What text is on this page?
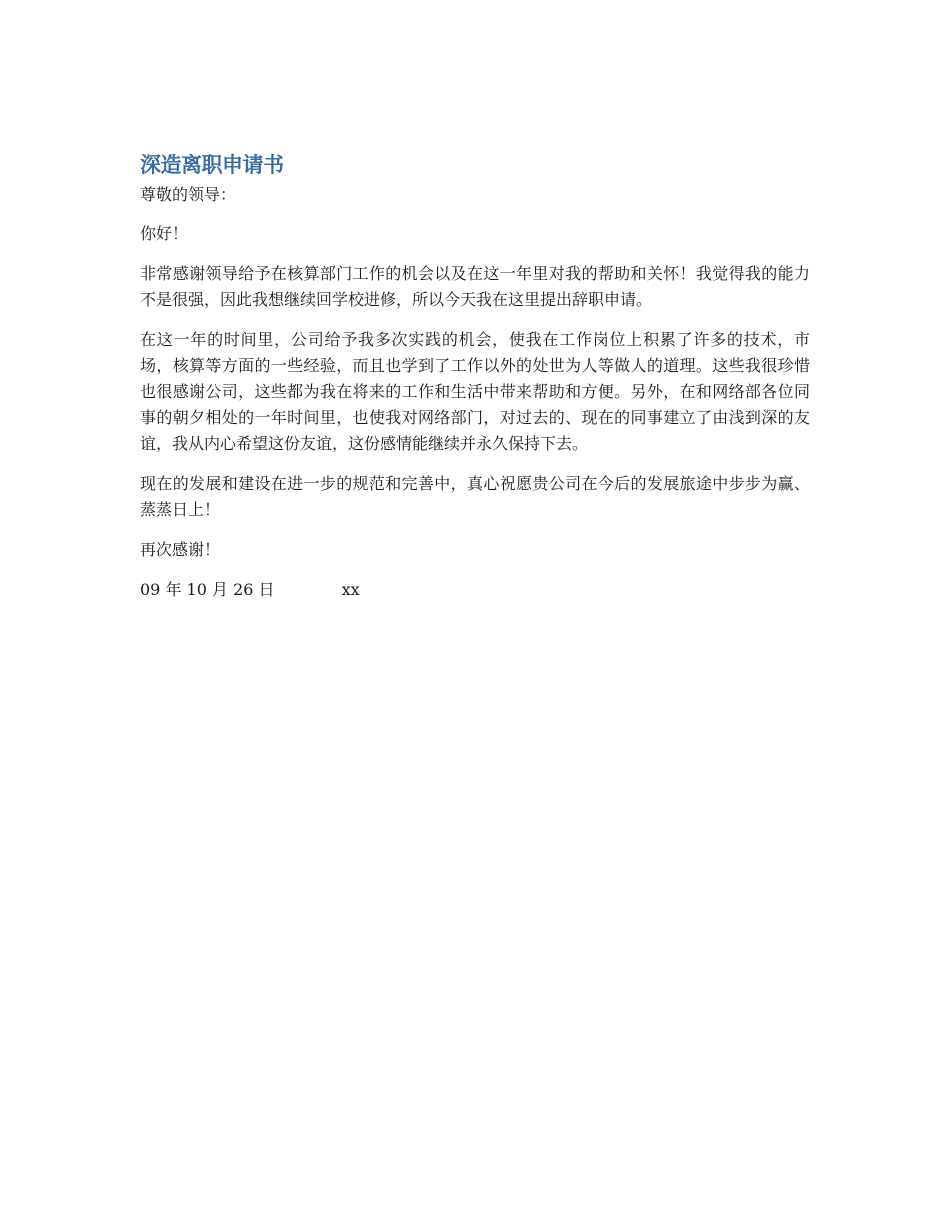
深造离职申请书
尊敬的领导：
你好！
非常感谢领导给予在核算部门工作的机会以及在这一年里对我的帮助和关怀！我觉得我的能力不是很强，因此我想继续回学校进修，所以今天我在这里提出辞职申请。
在这一年的时间里，公司给予我多次实践的机会，使我在工作岗位上积累了许多的技术，市场，核算等方面的一些经验，而且也学到了工作以外的处世为人等做人的道理。这些我很珍惜也很感谢公司，这些都为我在将来的工作和生活中带来帮助和方便。另外，在和网络部各位同事的朝夕相处的一年时间里，也使我对网络部门，对过去的、现在的同事建立了由浅到深的友谊，我从内心希望这份友谊，这份感情能继续并永久保持下去。
现在的发展和建设在进一步的规范和完善中，真心祝愿贵公司在今后的发展旅途中步步为赢、蒸蒸日上！
再次感谢！
09 年 10 月 26 日	xx
